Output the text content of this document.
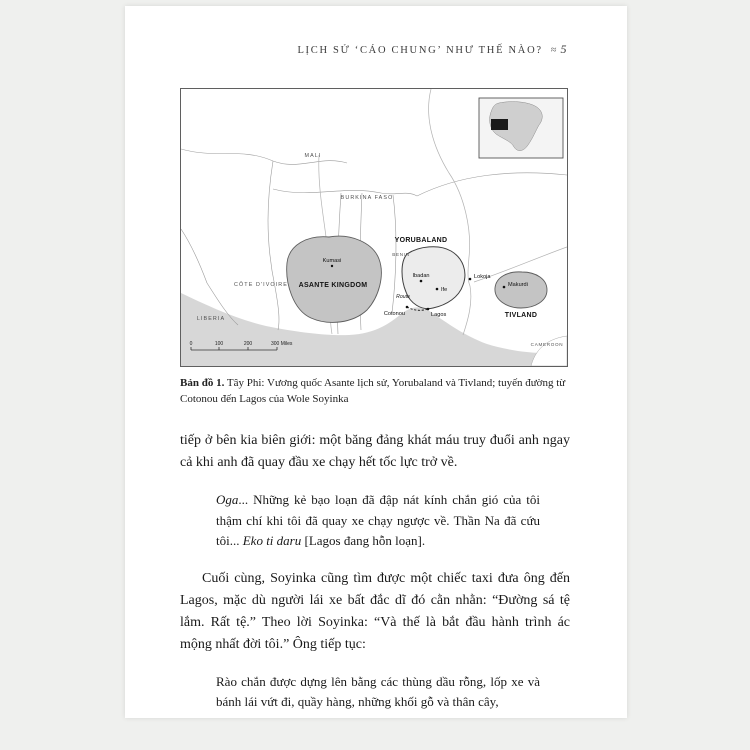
LỊCH SỬ ‘CÁO CHUNG’ NHƯ THẾ NÀO? ≈ 5
MALI
BURKINA FASO
CÔTE D'IVOIRE
LIBERIA
BENIN
CAMEROON
ASANTE KINGDOM
YORUBALAND
TIVLAND
Kumasi
Ibadan
Ife
Lokoja
Makurdi
Lagos
Cotonou
Route
0	100	200	300 Miles
Bản đồ 1. Tây Phi: Vương quốc Asante lịch sử, Yorubaland và Tivland; tuyến đường từ Cotonou đến Lagos của Wole Soyinka

tiếp ở bên kia biên giới: một băng đảng khát máu truy đuổi anh ngay cả khi anh đã quay đầu xe chạy hết tốc lực trở về.

Oga... Những kẻ bạo loạn đã đập nát kính chắn gió của tôi thậm chí khi tôi đã quay xe chạy ngược về. Thần Na đã cứu tôi... Eko ti daru [Lagos đang hỗn loạn].

Cuối cùng, Soyinka cũng tìm được một chiếc taxi đưa ông đến Lagos, mặc dù người lái xe bất đắc dĩ đó cằn nhằn: “Đường sá tệ lắm. Rất tệ.” Theo lời Soyinka: “Và thế là bắt đầu hành trình ác mộng nhất đời tôi.” Ông tiếp tục:

Rào chắn được dựng lên bằng các thùng dầu rỗng, lốp xe và bánh lái vứt đi, quầy hàng, những khối gỗ và thân cây,
